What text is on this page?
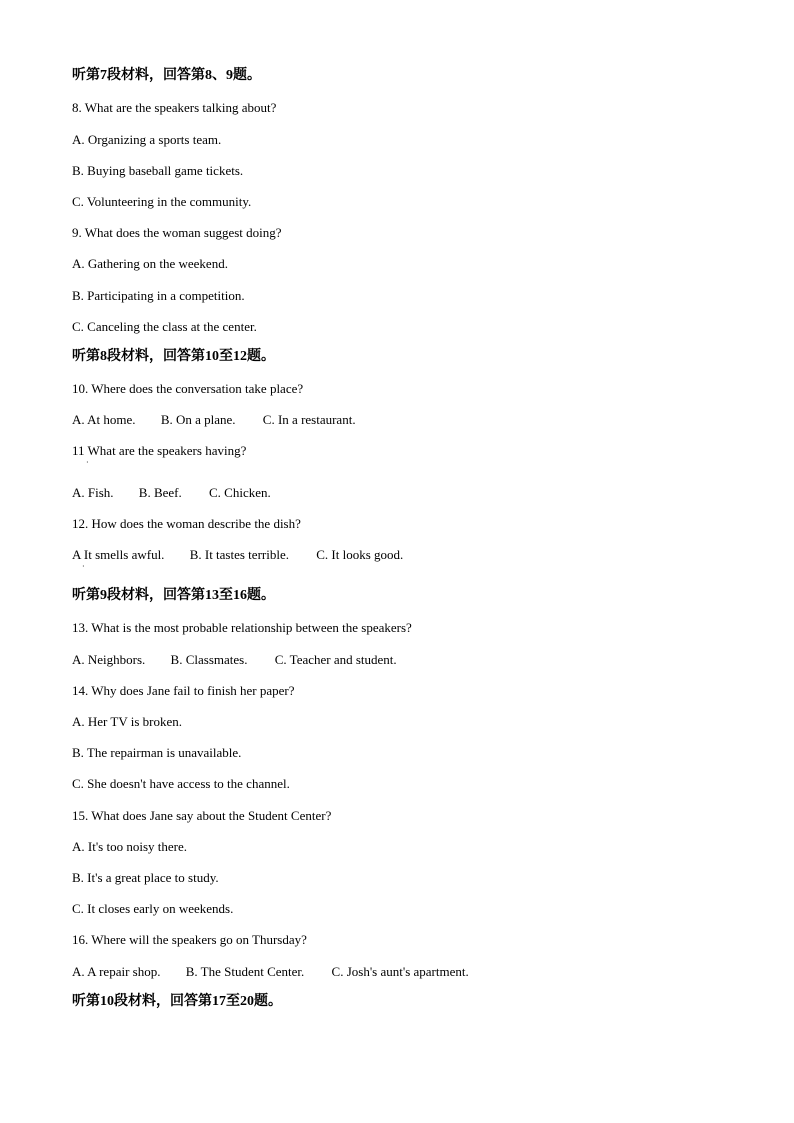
听第7段材料，回答第8、9题。
8. What are the speakers talking about?
A. Organizing a sports team.
B. Buying baseball game tickets.
C. Volunteering in the community.
9. What does the woman suggest doing?
A. Gathering on the weekend.
B. Participating in a competition.
C. Canceling the class at the center.
听第8段材料，回答第10至12题。
10. Where does the conversation take place?
A. At home. B. On a plane. C. In a restaurant.
11 What are the speakers having?
·
A. Fish. B. Beef. C. Chicken.
12. How does the woman describe the dish?
A It smells awful. B. It tastes terrible. C. It looks good.
·
听第9段材料，回答第13至16题。
13. What is the most probable relationship between the speakers?
A. Neighbors. B. Classmates. C. Teacher and student.
14. Why does Jane fail to finish her paper?
A. Her TV is broken.
B. The repairman is unavailable.
C. She doesn't have access to the channel.
15. What does Jane say about the Student Center?
A. It's too noisy there.
B. It's a great place to study.
C. It closes early on weekends.
16. Where will the speakers go on Thursday?
A. A repair shop. B. The Student Center. C. Josh's aunt's apartment.
听第10段材料，回答第17至20题。
